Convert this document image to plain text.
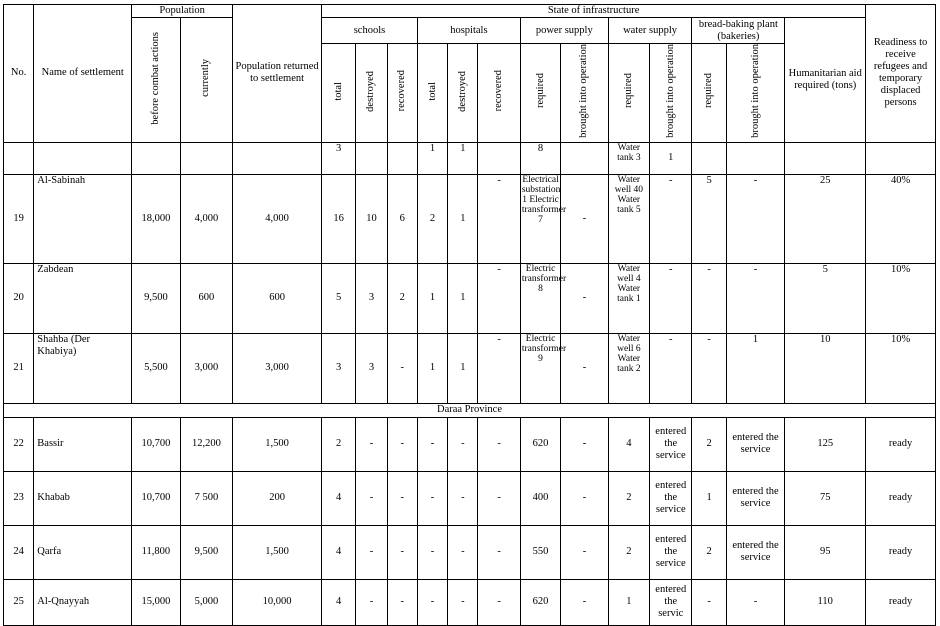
No.	Name of settlement	Population		Population returned to settlement	State of infrastructure													Readiness to receive refugees and temporary displaced persons
		before combat actions	currently		schools			hospitals			power supply		water supply		bread-baking plant (bakeries)		Humanitarian aid required (tons)	
					total	destroyed	recovered	total	destroyed	recovered	required	brought into operation	required	brought into operation	required	brought into operation		
					3			1	1		8		Water tank 3	1				
19	Al-Sabinah	18,000	4,000	4,000	16	10	6	2	1	-	Electrical substation 1 Electric transformer 7	-	Water well 40 Water tank 5	-	5	-	25	40%
20	Zabdean	9,500	600	600	5	3	2	1	1	-	Electric transformer 8	-	Water well 4 Water tank 1	-	-	-	5	10%
21	Shahba (Der Khabiya)	5,500	3,000	3,000	3	3	-	1	1	-	Electric transformer 9	-	Water well 6 Water tank 2	-	-	1	10	10%
Daraa Province																		
22	Bassir	10,700	12,200	1,500	2	-	-	-	-	-	620	-	4	entered the service	2	entered the service	125	ready
23	Khabab	10,700	7 500	200	4	-	-	-	-	-	400	-	2	entered the service	1	entered the service	75	ready
24	Qarfa	11,800	9,500	1,500	4	-	-	-	-	-	550	-	2	entered the service	2	entered the service	95	ready
25	Al-Qnayyah	15,000	5,000	10,000	4	-	-	-	-	-	620	-	1	entered the servic	-	-	110	ready
